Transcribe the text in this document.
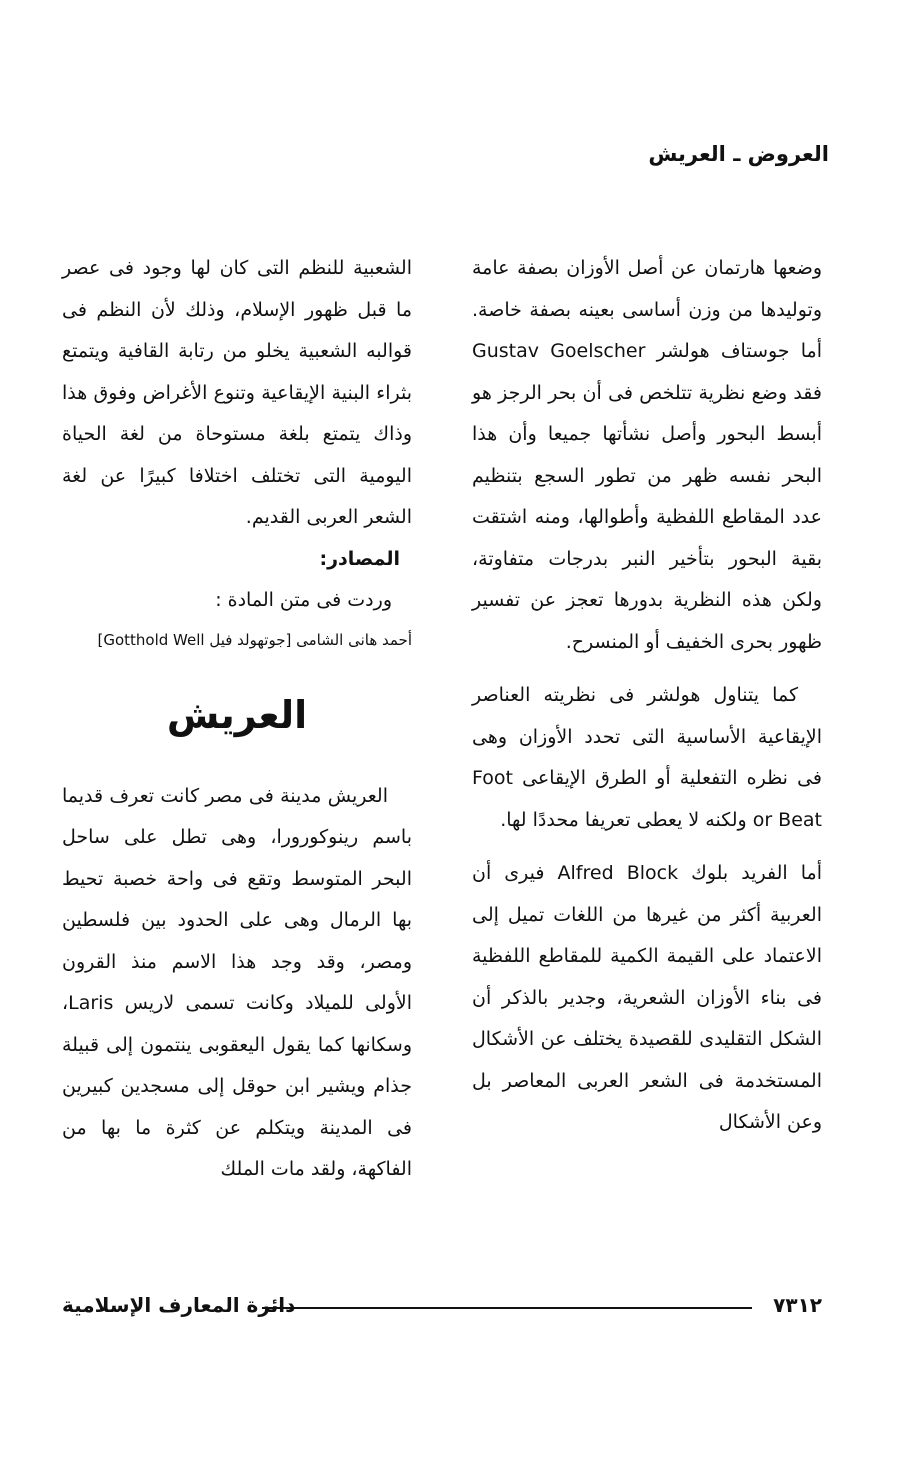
العروض ـ العريش

وضعها هارتمان عن أصل الأوزان بصفة عامة وتوليدها من وزن أساسى بعينه بصفة خاصة. أما جوستاف هولشر Gustav Goelscher فقد وضع نظرية تتلخص فى أن بحر الرجز هو أبسط البحور وأصل نشأتها جميعا وأن هذا البحر نفسه ظهر من تطور السجع بتنظيم عدد المقاطع اللفظية وأطوالها، ومنه اشتقت بقية البحور بتأخير النبر بدرجات متفاوتة، ولكن هذه النظرية بدورها تعجز عن تفسير ظهور بحرى الخفيف أو المنسرح.

كما يتناول هولشر فى نظريته العناصر الإيقاعية الأساسية التى تحدد الأوزان وهى فى نظره التفعلية أو الطرق الإيقاعى Foot or Beat ولكنه لا يعطى تعريفا محددًا لها.

أما الفريد بلوك Alfred Block فيرى أن العربية أكثر من غيرها من اللغات تميل إلى الاعتماد على القيمة الكمية للمقاطع اللفظية فى بناء الأوزان الشعرية، وجدير بالذكر أن الشكل التقليدى للقصيدة يختلف عن الأشكال المستخدمة فى الشعر العربى المعاصر بل وعن الأشكال

الشعبية للنظم التى كان لها وجود فى عصر ما قبل ظهور الإسلام، وذلك لأن النظم فى قوالبه الشعبية يخلو من رتابة القافية ويتمتع بثراء البنية الإيقاعية وتنوع الأغراض وفوق هذا وذاك يتمتع بلغة مستوحاة من لغة الحياة اليومية التى تختلف اختلافا كبيرًا عن لغة الشعر العربى القديم.

المصادر:

وردت فى متن المادة :

أحمد هانى الشامى [جوتهولد فيل Gotthold Well]

العريش

العريش مدينة فى مصر كانت تعرف قديما باسم رينوكورورا، وهى تطل على ساحل البحر المتوسط وتقع فى واحة خصبة تحيط بها الرمال وهى على الحدود بين فلسطين ومصر، وقد وجد هذا الاسم منذ القرون الأولى للميلاد وكانت تسمى لاريس Laris، وسكانها كما يقول اليعقوبى ينتمون إلى قبيلة جذام ويشير ابن حوقل إلى مسجدين كبيرين فى المدينة ويتكلم عن كثرة ما بها من الفاكهة، ولقد مات الملك

٧٣١٢
دائرة المعارف الإسلامية
